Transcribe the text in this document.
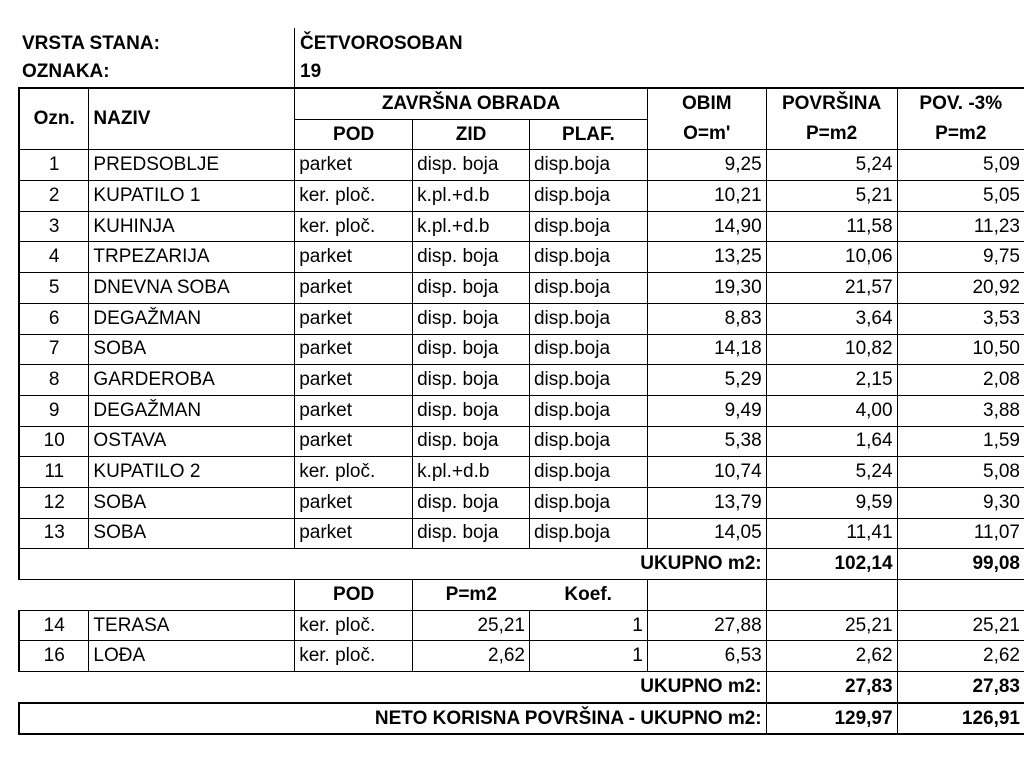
VRSTA STANA:	ČETVOROSOBAN
OZNAKA:	19
Ozn.	NAZIV	ZAVRŠNA OBRADA			OBIM	POVRŠINA	POV. -3%
		POD	ZID	PLAF.	O=m'	P=m2	P=m2
1	PREDSOBLJE	parket	disp. boja	disp.boja	9,25	5,24	5,09
2	KUPATILO 1	ker. ploč.	k.pl.+d.b	disp.boja	10,21	5,21	5,05
3	KUHINJA	ker. ploč.	k.pl.+d.b	disp.boja	14,90	11,58	11,23
4	TRPEZARIJA	parket	disp. boja	disp.boja	13,25	10,06	9,75
5	DNEVNA SOBA	parket	disp. boja	disp.boja	19,30	21,57	20,92
6	DEGAŽMAN	parket	disp. boja	disp.boja	8,83	3,64	3,53
7	SOBA	parket	disp. boja	disp.boja	14,18	10,82	10,50
8	GARDEROBA	parket	disp. boja	disp.boja	5,29	2,15	2,08
9	DEGAŽMAN	parket	disp. boja	disp.boja	9,49	4,00	3,88
10	OSTAVA	parket	disp. boja	disp.boja	5,38	1,64	1,59
11	KUPATILO 2	ker. ploč.	k.pl.+d.b	disp.boja	10,74	5,24	5,08
12	SOBA	parket	disp. boja	disp.boja	13,79	9,59	9,30
13	SOBA	parket	disp. boja	disp.boja	14,05	11,41	11,07
UKUPNO m2:						102,14	99,08
		POD	P=m2	Koef.			
14	TERASA	ker. ploč.	25,21	1	27,88	25,21	25,21
16	LOĐA	ker. ploč.	2,62	1	6,53	2,62	2,62
UKUPNO m2:						27,83	27,83
NETO KORISNA POVRŠINA - UKUPNO m2:						129,97	126,91
